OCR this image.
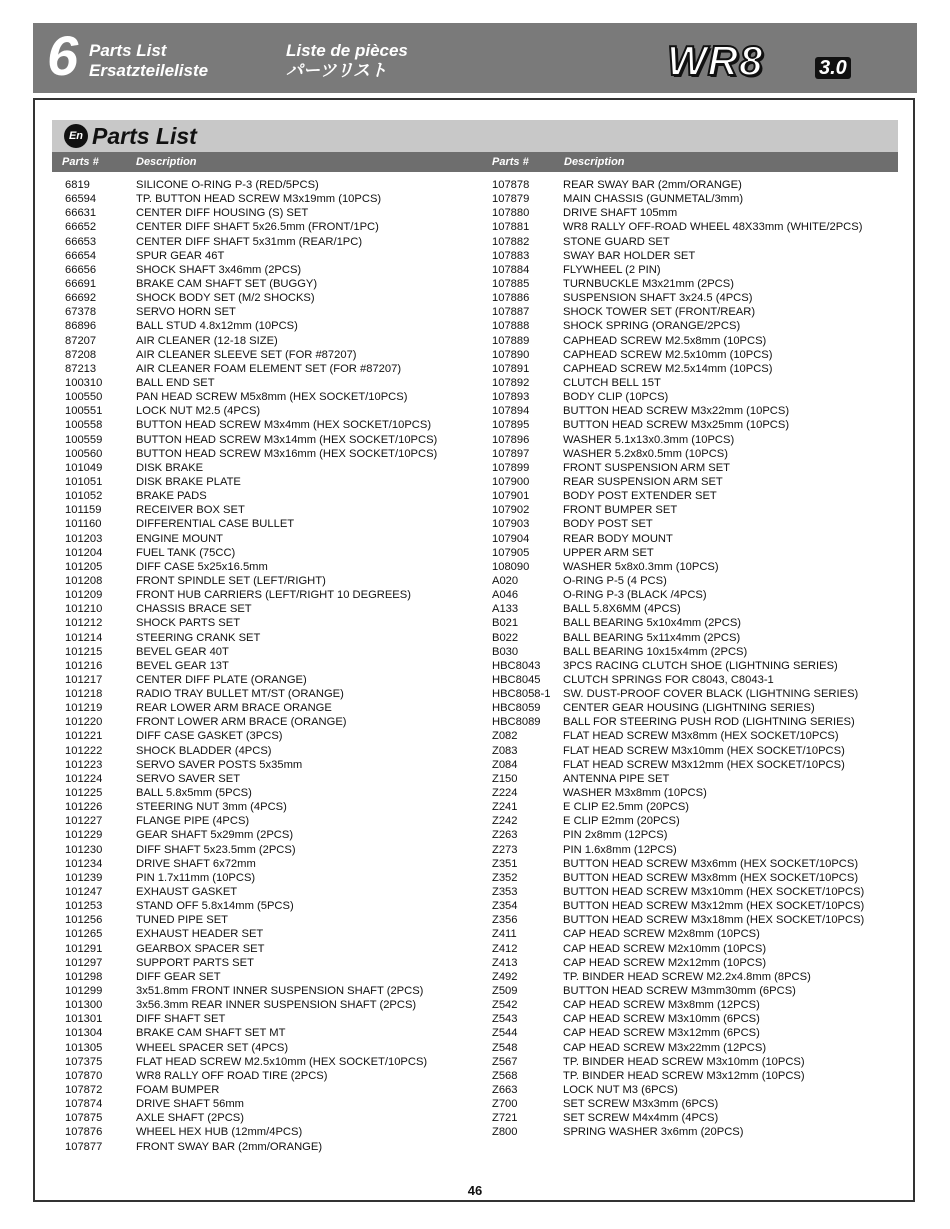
6 Parts List
Ersatzteileliste
Liste de pièces
パーツリスト	WR8	3.0
En Parts List
Parts #	Description	Parts #	Description
6819	SILICONE O-RING P-3 (RED/5PCS)
66594	TP. BUTTON HEAD SCREW M3x19mm (10PCS)
66631	CENTER DIFF HOUSING (S) SET
66652	CENTER DIFF SHAFT 5x26.5mm (FRONT/1PC)
66653	CENTER DIFF SHAFT 5x31mm (REAR/1PC)
66654	SPUR GEAR 46T
66656	SHOCK SHAFT 3x46mm (2PCS)
66691	BRAKE CAM SHAFT SET (BUGGY)
66692	SHOCK BODY SET (M/2 SHOCKS)
67378	SERVO HORN SET
86896	BALL STUD 4.8x12mm (10PCS)
87207	AIR CLEANER (12-18 SIZE)
87208	AIR CLEANER SLEEVE SET (FOR #87207)
87213	AIR CLEANER FOAM ELEMENT SET (FOR #87207)
100310	BALL END SET
100550	PAN HEAD SCREW M5x8mm (HEX SOCKET/10PCS)
100551	LOCK NUT M2.5 (4PCS)
100558	BUTTON HEAD SCREW M3x4mm (HEX SOCKET/10PCS)
100559	BUTTON HEAD SCREW M3x14mm (HEX SOCKET/10PCS)
100560	BUTTON HEAD SCREW M3x16mm (HEX SOCKET/10PCS)
101049	DISK BRAKE
101051	DISK BRAKE PLATE
101052	BRAKE PADS
101159	RECEIVER BOX SET
101160	DIFFERENTIAL CASE BULLET
101203	ENGINE MOUNT
101204	FUEL TANK (75CC)
101205	DIFF CASE 5x25x16.5mm
101208	FRONT SPINDLE SET (LEFT/RIGHT)
101209	FRONT HUB CARRIERS (LEFT/RIGHT 10 DEGREES)
101210	CHASSIS BRACE SET
101212	SHOCK PARTS SET
101214	STEERING CRANK SET
101215	BEVEL GEAR 40T
101216	BEVEL GEAR 13T
101217	CENTER DIFF PLATE (ORANGE)
101218	RADIO TRAY BULLET MT/ST (ORANGE)
101219	REAR LOWER ARM BRACE ORANGE
101220	FRONT LOWER ARM BRACE (ORANGE)
101221	DIFF CASE GASKET (3PCS)
101222	SHOCK BLADDER (4PCS)
101223	SERVO SAVER POSTS 5x35mm
101224	SERVO SAVER SET
101225	BALL 5.8x5mm (5PCS)
101226	STEERING NUT 3mm (4PCS)
101227	FLANGE PIPE (4PCS)
101229	GEAR SHAFT 5x29mm (2PCS)
101230	DIFF SHAFT 5x23.5mm (2PCS)
101234	DRIVE SHAFT 6x72mm
101239	PIN 1.7x11mm (10PCS)
101247	EXHAUST GASKET
101253	STAND OFF 5.8x14mm (5PCS)
101256	TUNED PIPE SET
101265	EXHAUST HEADER SET
101291	GEARBOX SPACER SET
101297	SUPPORT PARTS SET
101298	DIFF GEAR SET
101299	3x51.8mm FRONT INNER SUSPENSION SHAFT (2PCS)
101300	3x56.3mm REAR INNER SUSPENSION SHAFT (2PCS)
101301	DIFF SHAFT SET
101304	BRAKE CAM SHAFT SET MT
101305	WHEEL SPACER SET (4PCS)
107375	FLAT HEAD SCREW M2.5x10mm (HEX SOCKET/10PCS)
107870	WR8 RALLY OFF ROAD TIRE (2PCS)
107872	FOAM BUMPER
107874	DRIVE SHAFT 56mm
107875	AXLE SHAFT (2PCS)
107876	WHEEL HEX HUB (12mm/4PCS)
107877	FRONT SWAY BAR (2mm/ORANGE)
107878	REAR SWAY BAR (2mm/ORANGE)
107879	MAIN CHASSIS (GUNMETAL/3mm)
107880	DRIVE SHAFT 105mm
107881	WR8 RALLY OFF-ROAD WHEEL 48X33mm (WHITE/2PCS)
107882	STONE GUARD SET
107883	SWAY BAR HOLDER SET
107884	FLYWHEEL (2 PIN)
107885	TURNBUCKLE M3x21mm (2PCS)
107886	SUSPENSION SHAFT 3x24.5 (4PCS)
107887	SHOCK TOWER SET (FRONT/REAR)
107888	SHOCK SPRING (ORANGE/2PCS)
107889	CAPHEAD SCREW M2.5x8mm (10PCS)
107890	CAPHEAD SCREW M2.5x10mm (10PCS)
107891	CAPHEAD SCREW M2.5x14mm (10PCS)
107892	CLUTCH BELL 15T
107893	BODY CLIP (10PCS)
107894	BUTTON HEAD SCREW M3x22mm (10PCS)
107895	BUTTON HEAD SCREW M3x25mm (10PCS)
107896	WASHER 5.1x13x0.3mm (10PCS)
107897	WASHER 5.2x8x0.5mm (10PCS)
107899	FRONT SUSPENSION ARM SET
107900	REAR SUSPENSION ARM SET
107901	BODY POST EXTENDER SET
107902	FRONT BUMPER SET
107903	BODY POST SET
107904	REAR BODY MOUNT
107905	UPPER ARM SET
108090	WASHER 5x8x0.3mm (10PCS)
A020	O-RING P-5 (4 PCS)
A046	O-RING P-3 (BLACK /4PCS)
A133	BALL 5.8X6MM (4PCS)
B021	BALL BEARING 5x10x4mm (2PCS)
B022	BALL BEARING 5x11x4mm (2PCS)
B030	BALL BEARING 10x15x4mm (2PCS)
HBC8043 3PCS RACING CLUTCH SHOE (LIGHTNING SERIES)
HBC8045 CLUTCH SPRINGS FOR C8043, C8043-1
HBC8058-1 SW. DUST-PROOF COVER BLACK (LIGHTNING SERIES)
HBC8059 CENTER GEAR HOUSING (LIGHTNING SERIES)
HBC8089 BALL FOR STEERING PUSH ROD (LIGHTNING SERIES)
Z082	FLAT HEAD SCREW M3x8mm (HEX SOCKET/10PCS)
Z083	FLAT HEAD SCREW M3x10mm (HEX SOCKET/10PCS)
Z084	FLAT HEAD SCREW M3x12mm (HEX SOCKET/10PCS)
Z150	ANTENNA PIPE SET
Z224	WASHER M3x8mm (10PCS)
Z241	E CLIP E2.5mm (20PCS)
Z242	E CLIP E2mm (20PCS)
Z263	PIN 2x8mm (12PCS)
Z273	PIN 1.6x8mm (12PCS)
Z351	BUTTON HEAD SCREW M3x6mm (HEX SOCKET/10PCS)
Z352	BUTTON HEAD SCREW M3x8mm (HEX SOCKET/10PCS)
Z353	BUTTON HEAD SCREW M3x10mm (HEX SOCKET/10PCS)
Z354	BUTTON HEAD SCREW M3x12mm (HEX SOCKET/10PCS)
Z356	BUTTON HEAD SCREW M3x18mm (HEX SOCKET/10PCS)
Z411	CAP HEAD SCREW M2x8mm (10PCS)
Z412	CAP HEAD SCREW M2x10mm (10PCS)
Z413	CAP HEAD SCREW M2x12mm (10PCS)
Z492	TP. BINDER HEAD SCREW M2.2x4.8mm (8PCS)
Z509	BUTTON HEAD SCREW M3mm30mm (6PCS)
Z542	CAP HEAD SCREW M3x8mm (12PCS)
Z543	CAP HEAD SCREW M3x10mm (6PCS)
Z544	CAP HEAD SCREW M3x12mm (6PCS)
Z548	CAP HEAD SCREW M3x22mm (12PCS)
Z567	TP. BINDER HEAD SCREW M3x10mm (10PCS)
Z568	TP. BINDER HEAD SCREW M3x12mm (10PCS)
Z663	LOCK NUT M3 (6PCS)
Z700	SET SCREW M3x3mm (6PCS)
Z721	SET SCREW M4x4mm (4PCS)
Z800	SPRING WASHER 3x6mm (20PCS)
46
